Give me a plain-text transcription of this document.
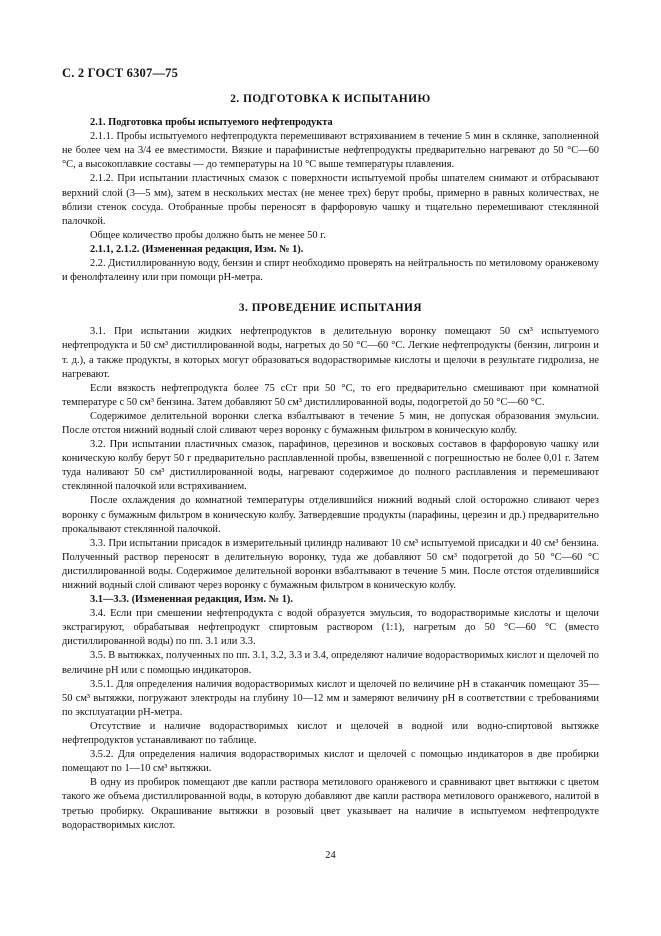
С. 2 ГОСТ 6307—75
2. ПОДГОТОВКА К ИСПЫТАНИЮ

2.1. Подготовка пробы испытуемого нефтепродукта

2.1.1. Пробы испытуемого нефтепродукта перемешивают встряхиванием в течение 5 мин в склянке, заполненной не более чем на 3/4 ее вместимости. Вязкие и парафинистые нефтепродукты предварительно нагревают до 50 °С—60 °С, а высокоплавкие составы — до температуры на 10 °С выше температуры плавления.

2.1.2. При испытании пластичных смазок с поверхности испытуемой пробы шпателем снимают и отбрасывают верхний слой (3—5 мм), затем в нескольких местах (не менее трех) берут пробы, примерно в равных количествах, не вблизи стенок сосуда. Отобранные пробы переносят в фарфоровую чашку и тщательно перемешивают стеклянной палочкой.

Общее количество пробы должно быть не менее 50 г.

2.1.1, 2.1.2. (Измененная редакция, Изм. № 1).

2.2. Дистиллированную воду, бензин и спирт необходимо проверять на нейтральность по метиловому оранжевому и фенолфталеину или при помощи рН-метра.

3. ПРОВЕДЕНИЕ ИСПЫТАНИЯ

3.1. При испытании жидких нефтепродуктов в делительную воронку помещают 50 см³ испытуемого нефтепродукта и 50 см³ дистиллированной воды, нагретых до 50 °С—60 °С. Легкие нефтепродукты (бензин, лигроин и т. д.), а также продукты, в которых могут образоваться водорастворимые кислоты и щелочи в результате гидролиза, не нагревают.

Если вязкость нефтепродукта более 75 сСт при 50 °С, то его предварительно смешивают при комнатной температуре с 50 см³ бензина. Затем добавляют 50 см³ дистиллированной воды, подогретой до 50 °С—60 °С.

Содержимое делительной воронки слегка взбалтывают в течение 5 мин, не допуская образования эмульсии. После отстоя нижний водный слой сливают через воронку с бумажным фильтром в коническую колбу.

3.2. При испытании пластичных смазок, парафинов, церезинов и восковых составов в фарфоровую чашку или коническую колбу берут 50 г предварительно расплавленной пробы, взвешенной с погрешностью не более 0,01 г. Затем туда наливают 50 см³ дистиллированной воды, нагревают содержимое до полного расплавления и перемешивают стеклянной палочкой или встряхиванием.

После охлаждения до комнатной температуры отделившийся нижний водный слой осторожно сливают через воронку с бумажным фильтром в коническую колбу. Затвердевшие продукты (парафины, церезин и др.) предварительно прокалывают стеклянной палочкой.

3.3. При испытании присадок в измерительный цилиндр наливают 10 см³ испытуемой присадки и 40 см³ бензина. Полученный раствор переносят в делительную воронку, туда же добавляют 50 см³ подогретой до 50 °С—60 °С дистиллированной воды. Содержимое делительной воронки взбалтывают в течение 5 мин. После отстоя отделившийся нижний водный слой сливают через воронку с бумажным фильтром в коническую колбу.

3.1—3.3. (Измененная редакция, Изм. № 1).

3.4. Если при смешении нефтепродукта с водой образуется эмульсия, то водорастворимые кислоты и щелочи экстрагируют, обрабатывая нефтепродукт спиртовым раствором (1:1), нагретым до 50 °С—60 °С (вместо дистиллированной воды) по пп. 3.1 или 3.3.

3.5. В вытяжках, полученных по пп. 3.1, 3.2, 3.3 и 3.4, определяют наличие водорастворимых кислот и щелочей по величине рН или с помощью индикаторов.

3.5.1. Для определения наличия водорастворимых кислот и щелочей по величине рН в стаканчик помещают 35—50 см³ вытяжки, погружают электроды на глубину 10—12 мм и замеряют величину рН в соответствии с требованиями по эксплуатации рН-метра.

Отсутствие и наличие водорастворимых кислот и щелочей в водной или водно-спиртовой вытяжке нефтепродуктов устанавливают по таблице.

3.5.2. Для определения наличия водорастворимых кислот и щелочей с помощью индикаторов в две пробирки помещают по 1—10 см³ вытяжки.

В одну из пробирок помещают две капли раствора метилового оранжевого и сравнивают цвет вытяжки с цветом такого же объема дистиллированной воды, в которую добавляют две капли раствора метилового оранжевого, налитой в третью пробирку. Окрашивание вытяжки в розовый цвет указывает на наличие в испытуемом нефтепродукте водорастворимых кислот.

24
